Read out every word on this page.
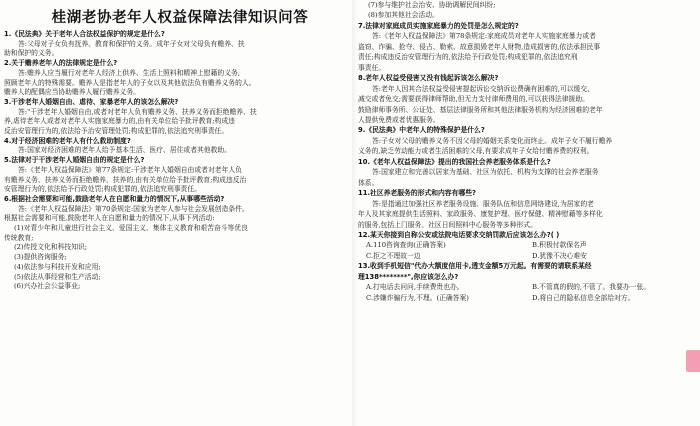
桂湖老协老年人权益保障法律知识问答
1.《民法典》关于老年人合法权益保护的规定是什么?
答:父母对子女负有抚养、教育和保护的义务。成年子女对父母负有赡养、扶
助和保护的义务。
2.关于赡养老年人的法律规定是什么?
答:赡养人应当履行对老年人经济上供养、生活上照料和精神上慰藉的义务,
照顾老年人的特殊需要。赡养人是指老年人的子女以及其他依法负有赡养义务的人。
赡养人的配偶应当协助赡养人履行赡养义务。
3.干涉老年人婚姻自由、虐待、家暴老年人的该怎么解决?
答:"干涉老年人婚姻自由,或者对老年人负有赡养义务、扶养义务而拒绝赡养、扶
养,虐待老年人或者对老年人实施家庭暴力的,由有关单位给予批评教育;构成违
反治安管理行为的,依法给予治安管理处罚;构成犯罪的,依法追究刑事责任。
4.对于经济困难的老年人有什么救助制度?
答:国家对经济困难的老年人给予基本生活、医疗、居住或者其他救助。
5.法律对于干涉老年人婚姻自由的规定是什么?
答:《老年人权益保障法》第77条规定:干涉老年人婚姻自由或者对老年人负
有赡养义务、扶养义务而拒绝赡养、扶养的,由有关单位给予批评教育;构成违反治
安管理行为的,依法给予行政处罚;构成犯罪的,依法追究刑事责任。
6.根据社会需要和可能,鼓励老年人在自愿和量力的情况下,从事哪些活动?
答:《老年人权益保障法》第70条规定:国家为老年人参与社会发展创造条件。
根据社会需要和可能,鼓励老年人在自愿和量力的情况下,从事下列活动:
(1)对青少年和儿童进行社会主义、爱国主义、集体主义教育和艰苦奋斗等优良
传统教育;
(2)传授文化和科技知识;
(3)提供咨询服务;
(4)依法参与科技开发和应用;
(5)依法从事经营和生产活动;
(6)兴办社会公益事业;
(7)参与维护社会治安、协助调解民间纠纷;
(8)参加其他社会活动。
7.法律对家庭成员实施家庭暴力的处罚是怎么规定的?
答:《老年人权益保障法》第78条规定:家庭成员对老年人实施家庭暴力或者
盗窃、诈骗、抢夺、侵占、勒索、故意损毁老年人财物,造成损害的,依法承担民事
责任;构成违反治安管理行为的,依法给予行政处罚;构成犯罪的,依法追究刑
事责任。
8.老年人权益受侵害又没有钱起诉该怎么解决?
答:老年人因其合法权益受侵害提起诉讼交纳诉讼费确有困难的,可以缓交、
减交或者免交;需要获得律师帮助,但无力支付律师费用的,可以获得法律援助。
鼓励律师事务所、公证处、基层法律服务所和其他法律服务机构为经济困难的老年
人提供免费或者优惠服务。
9.《民法典》中老年人的特殊保护是什么?
答:子女对父母的赡养义务不因父母的婚姻关系变化而终止。成年子女不履行赡养
义务的,缺乏劳动能力或者生活困难的父母,有要求成年子女给付赡养费的权利。
10.《老年人权益保障法》提出的我国社会养老服务体系是什么?
答:国家建立和完善以居家为基础、社区为依托、机构为支撑的社会养老服务
体系。
11.社区养老服务的形式和内容有哪些?
答:是指通过加强社区养老服务设施、服务队伍和信息网络建设,为居家的老
年人及其家庭提供生活照料、家政服务、康复护理、医疗保健、精神慰藉等多样化
的服务,包括上门服务、社区日间照料中心服务等多种形式。
12.某天你接到自称公安或法院电话要求交纳罚款后应该怎么办?( )
A.110咨询查询(正确答案)	B.积极付款保名声
C.拒之不理故一边	D.犹豫不决心难安
13.收到手机短信"代办大额度信用卡,透支金额5万元起。有需要的请联系某经
理138********",你应该怎么办?
A.打电话去问问,手续费贵也办。	B.不管真的假的,不管了。我要办一张。
C.涉嫌诈骗行为,不理。(正确答案)	D.将自己的隐私信息全部给对方。
